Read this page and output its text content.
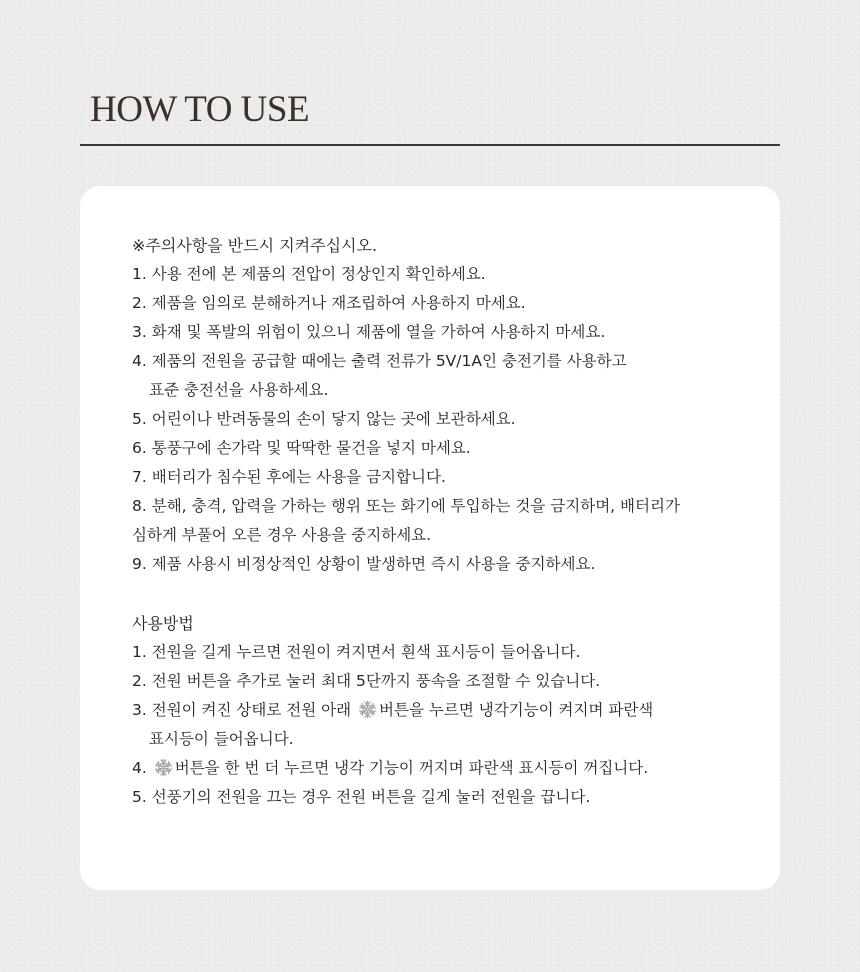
HOW TO USE
※주의사항을 반드시 지켜주십시오.
1. 사용 전에 본 제품의 전압이 정상인지 확인하세요.
2. 제품을 임의로 분해하거나 재조립하여 사용하지 마세요.
3. 화재 및 폭발의 위험이 있으니 제품에 열을 가하여 사용하지 마세요.
4. 제품의 전원을 공급할 때에는 출력 전류가 5V/1A인 충전기를 사용하고
표준 충전선을 사용하세요.
5. 어린이나 반려동물의 손이 닿지 않는 곳에 보관하세요.
6. 통풍구에 손가락 및 딱딱한 물건을 넣지 마세요.
7. 배터리가 침수된 후에는 사용을 금지합니다.
8. 분해, 충격, 압력을 가하는 행위 또는 화기에 투입하는 것을 금지하며, 배터리가
심하게 부풀어 오른 경우 사용을 중지하세요.
9. 제품 사용시 비정상적인 상황이 발생하면 즉시 사용을 중지하세요.
사용방법
1. 전원을 길게 누르면 전원이 켜지면서 흰색 표시등이 들어옵니다.
2. 전원 버튼을 추가로 눌러 최대 5단까지 풍속을 조절할 수 있습니다.
3. 전원이 켜진 상태로 전원 아래
버튼을 누르면 냉각기능이 켜지며 파란색
표시등이 들어옵니다.
4.
버튼을 한 번 더 누르면 냉각 기능이 꺼지며 파란색 표시등이 꺼집니다.
5. 선풍기의 전원을 끄는 경우 전원 버튼을 길게 눌러 전원을 끕니다.
